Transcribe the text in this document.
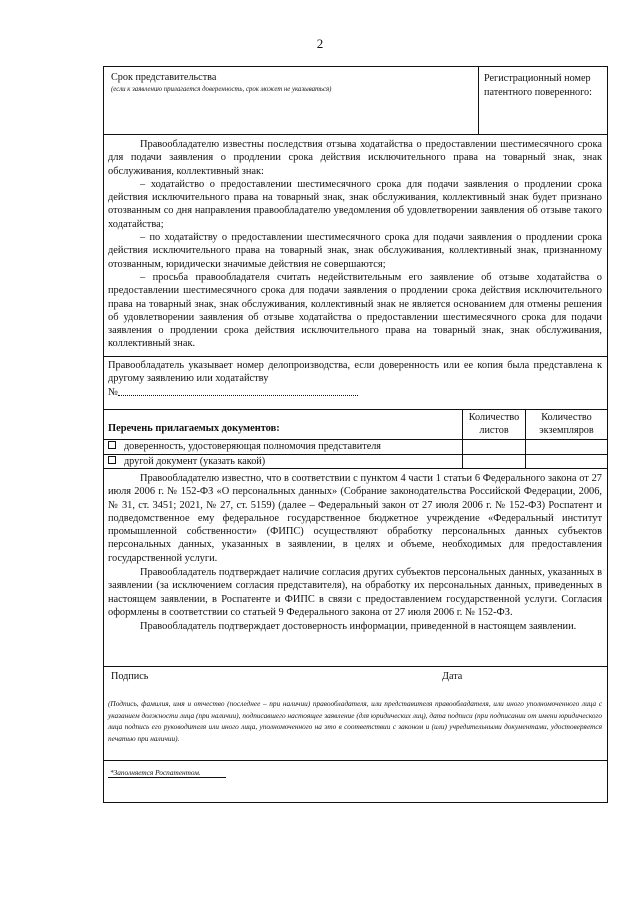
2
Срок представительства
(если к заявлению прилагается доверенность, срок может не указываться)
Регистрационный номер патентного поверенного:

Правообладателю известны последствия отзыва ходатайства о предоставлении шестимесячного срока для подачи заявления о продлении срока действия исключительного права на товарный знак, знак обслуживания, коллективный знак:

– ходатайство о предоставлении шестимесячного срока для подачи заявления о продлении срока действия исключительного права на товарный знак, знак обслуживания, коллективный знак будет признано отозванным со дня направления правообладателю уведомления об удовлетворении заявления об отзыве такого ходатайства;

– по ходатайству о предоставлении шестимесячного срока для подачи заявления о продлении срока действия исключительного права на товарный знак, знак обслуживания, коллективный знак, признанному отозванным, юридически значимые действия не совершаются;

– просьба правообладателя считать недействительным его заявление об отзыве ходатайства о предоставлении шестимесячного срока для подачи заявления о продлении срока действия исключительного права на товарный знак, знак обслуживания, коллективный знак не является основанием для отмены решения об удовлетворении заявления об отзыве ходатайства о предоставлении шестимесячного срока для подачи заявления о продлении срока действия исключительного права на товарный знак, знак обслуживания, коллективный знак.

Правообладатель указывает номер делопроизводства, если доверенность или ее копия была представлена к другому заявлению или ходатайству

№

Перечень прилагаемых документов:
Количество листов
Количество экземпляров
доверенность, удостоверяющая полномочия представителя
другой документ (указать какой)

Правообладателю известно, что в соответствии с пунктом 4 части 1 статьи 6 Федерального закона от 27 июля 2006 г. № 152-ФЗ «О персональных данных» (Собрание законодательства Российской Федерации, 2006, № 31, ст. 3451; 2021, № 27, ст. 5159) (далее – Федеральный закон от 27 июля 2006 г. № 152-ФЗ) Роспатент и подведомственное ему федеральное государственное бюджетное учреждение «Федеральный институт промышленной собственности» (ФИПС) осуществляют обработку персональных данных субъектов персональных данных, указанных в заявлении, в целях и объеме, необходимых для предоставления государственной услуги.

Правообладатель подтверждает наличие согласия других субъектов персональных данных, указанных в заявлении (за исключением согласия представителя), на обработку их персональных данных, приведенных в настоящем заявлении, в Роспатенте и ФИПС в связи с предоставлением государственной услуги. Согласия оформлены в соответствии со статьей 9 Федерального закона от 27 июля 2006 г. № 152-ФЗ.

Правообладатель подтверждает достоверность информации, приведенной в настоящем заявлении.

Подпись	Дата
(Подпись, фамилия, имя и отчество (последнее – при наличии) правообладателя, или представителя правообладателя, или иного уполномоченного лица с указанием должности лица (при наличии), подписавшего настоящее заявление (для юридических лиц), дата подписи (при подписании от имени юридического лица подпись его руководителя или иного лица, уполномоченного на это в соответствии с законом и (или) учредительными документами, удостоверяется печатью при наличии).
*Заполняется Роспатентом.
